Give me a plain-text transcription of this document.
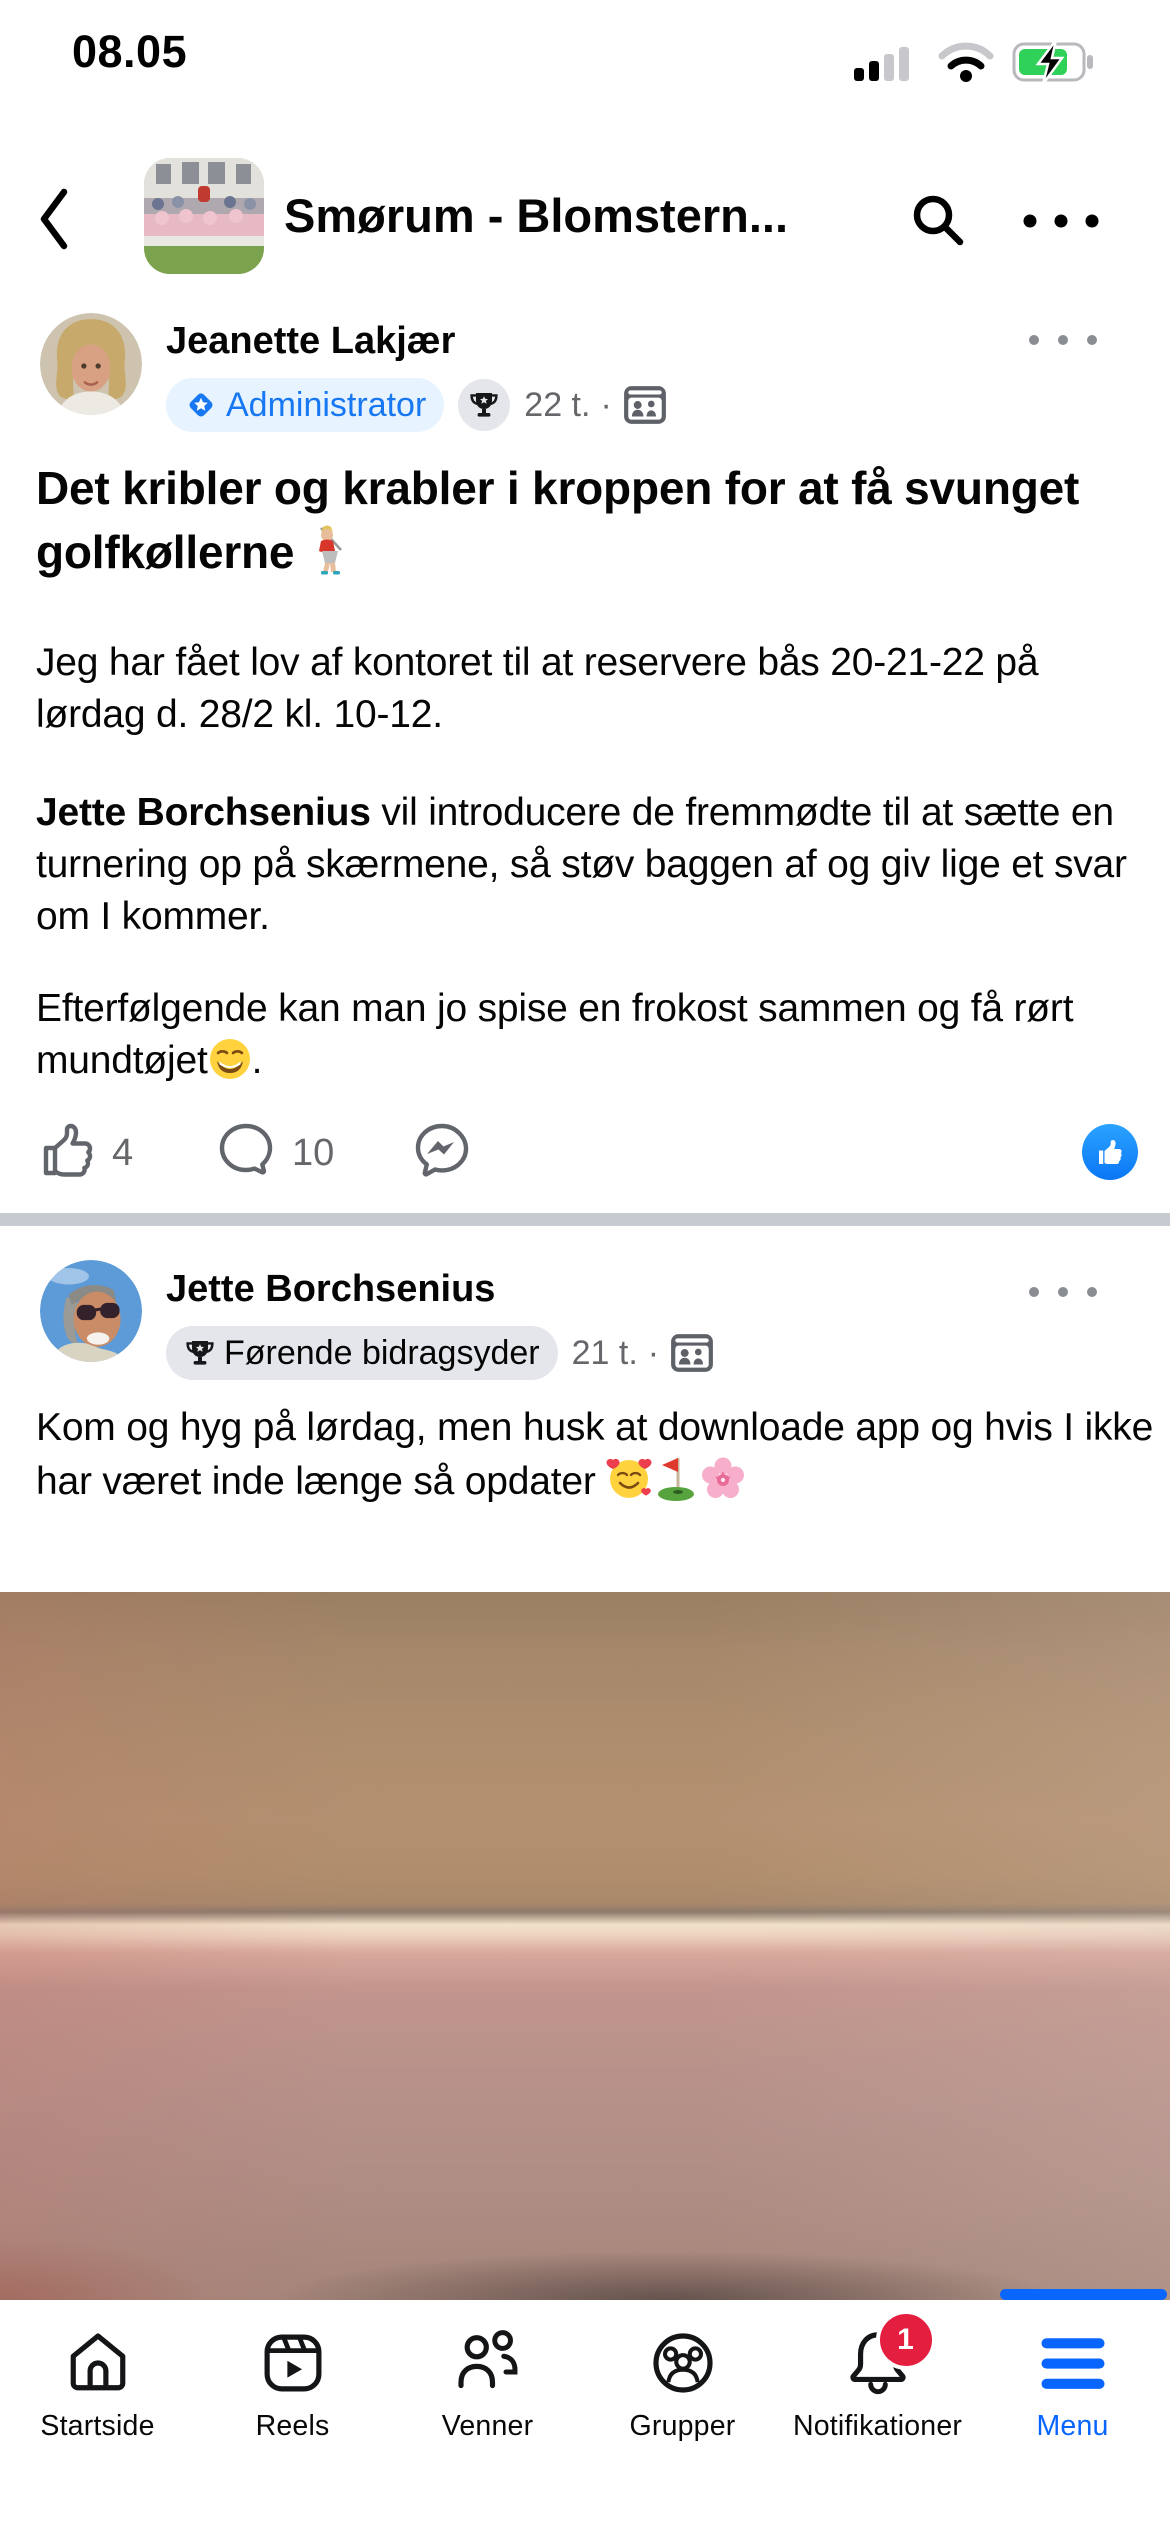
08.05
Smørum - Blomstern...
Jeanette Lakjær
Administrator	22 t. ·
Det kribler og krabler i kroppen for at få svunget golfkøllerne
Jeg har fået lov af kontoret til at reservere bås 20-21-22 på lørdag d. 28/2 kl. 10-12.
Jette Borchsenius vil introducere de fremmødte til at sætte en turnering op på skærmene, så støv baggen af og giv lige et svar om I kommer.
Efterfølgende kan man jo spise en frokost sammen og få rørt mundtøjet .
4	10
Jette Borchsenius
Førende bidragsyder 21 t. ·
Kom og hyg på lørdag, men husk at downloade app og hvis I ikke har været inde længe så opdater
Startside	Reels	Venner	Grupper
1
Notifikationer	Menu
